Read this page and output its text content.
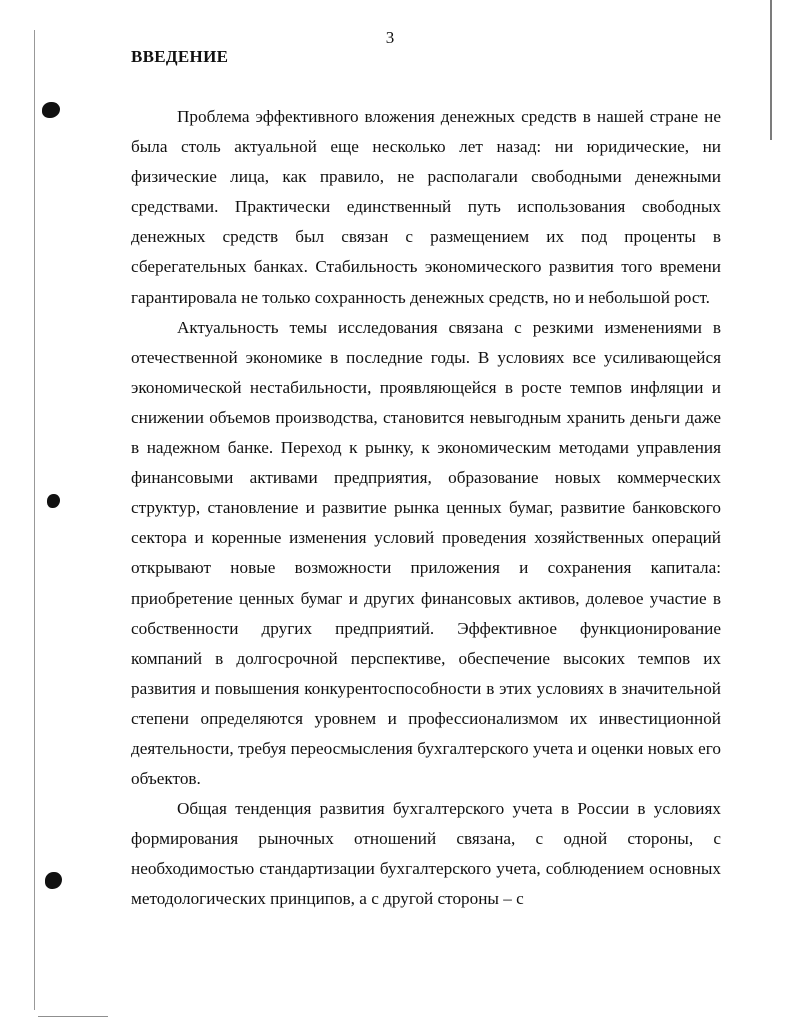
3
ВВЕДЕНИЕ

Проблема эффективного вложения денежных средств в нашей стране не была столь актуальной еще несколько лет назад: ни юридические, ни физические лица, как правило, не располагали свободными денежными средствами. Практически единственный путь использования свободных денежных средств был связан с размещением их под проценты в сберегательных банках. Стабильность экономического развития того времени гарантировала не только сохранность денежных средств, но и небольшой рост.

Актуальность темы исследования связана с резкими изменениями в отечественной экономике в последние годы. В условиях все усиливающейся экономической нестабильности, проявляющейся в росте темпов инфляции и снижении объемов производства, становится невыгодным хранить деньги даже в надежном банке. Переход к рынку, к экономическим методами управления финансовыми активами предприятия, образование новых коммерческих структур, становление и развитие рынка ценных бумаг, развитие банковского сектора и коренные изменения условий проведения хозяйственных операций открывают новые возможности приложения и сохранения капитала: приобретение ценных бумаг и других финансовых активов, долевое участие в собственности других предприятий. Эффективное функционирование компаний в долгосрочной перспективе, обеспечение высоких темпов их развития и повышения конкурентоспособности в этих условиях в значительной степени определяются уровнем и профессионализмом их инвестиционной деятельности, требуя переосмысления бухгалтерского учета и оценки новых его объектов.

Общая тенденция развития бухгалтерского учета в России в условиях формирования рыночных отношений связана, с одной стороны, с необходимостью стандартизации бухгалтерского учета, соблюдением основных методологических принципов, а с другой стороны – с
